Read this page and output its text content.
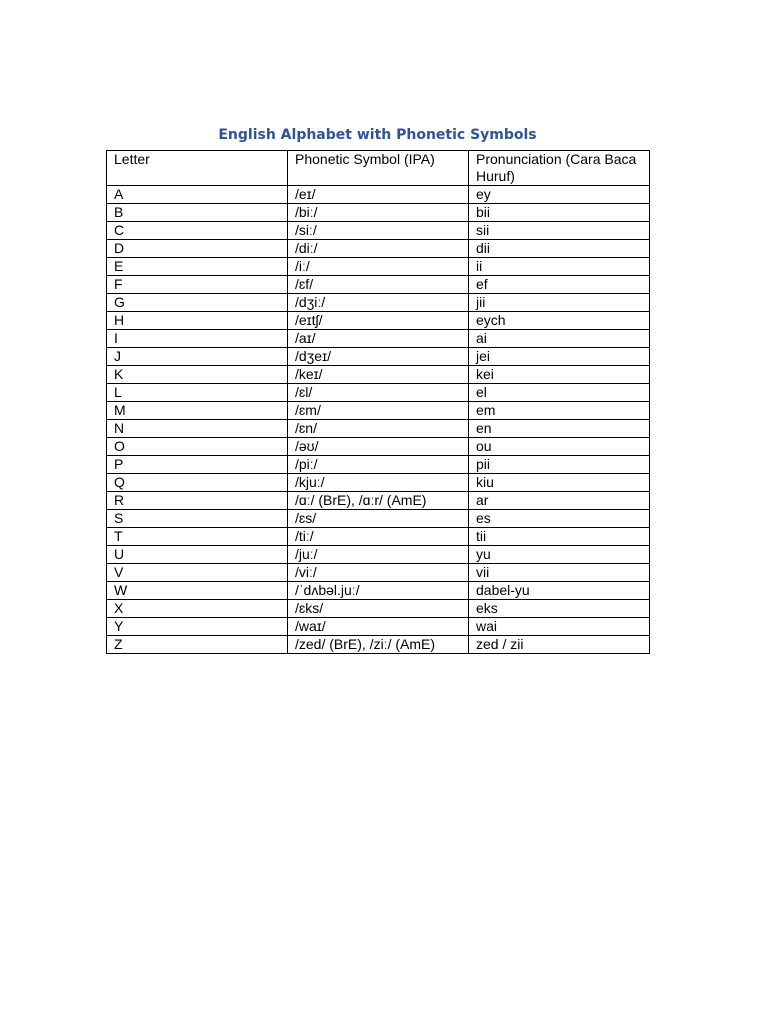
English Alphabet with Phonetic Symbols
Letter	Phonetic Symbol (IPA)	Pronunciation (Cara Baca Huruf)
A	/eɪ/	ey
B	/biː/	bii
C	/siː/	sii
D	/diː/	dii
E	/iː/	ii
F	/ɛf/	ef
G	/dʒiː/	jii
H	/eɪtʃ/	eych
I	/aɪ/	ai
J	/dʒeɪ/	jei
K	/keɪ/	kei
L	/ɛl/	el
M	/ɛm/	em
N	/ɛn/	en
O	/əʊ/	ou
P	/piː/	pii
Q	/kjuː/	kiu
R	/ɑː/ (BrE), /ɑːr/ (AmE)	ar
S	/ɛs/	es
T	/tiː/	tii
U	/juː/	yu
V	/viː/	vii
W	/ˈdʌbəl.juː/	dabel-yu
X	/ɛks/	eks
Y	/waɪ/	wai
Z	/zed/ (BrE), /ziː/ (AmE)	zed / zii
